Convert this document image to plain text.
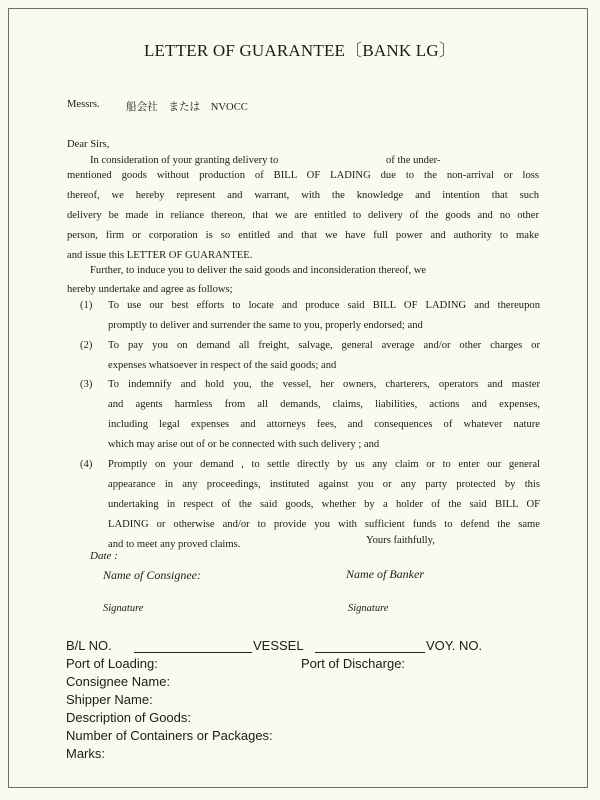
LETTER OF GUARANTEE〔BANK LG〕
Messrs. 船会社　または　NVOCC
Dear Sirs,
In consideration of your granting delivery to	of the under-
mentioned goods without production of BILL OF LADING due to the non-arrival or loss
thereof, we hereby represent and warrant, with the knowledge and intention that such
delivery be made in reliance thereon, that we are entitled to delivery of the goods and no other
person, firm or corporation is so entitled and that we have full power and authority to make
and issue this LETTER OF GUARANTEE.
Further, to induce you to deliver the said goods and inconsideration thereof, we
hereby undertake and agree as follows;
(1) To use our best efforts to locate and produce said BILL OF LADING and thereupon
promptly to deliver and surrender the same to you, properly endorsed; and
(2) To pay you on demand all freight, salvage, general average and/or other charges or
expenses whatsoever in respect of the said goods; and
(3) To indemnify and hold you, the vessel, her owners, charterers, operators and master
and agents harmless from all demands, claims, liabilities, actions and expenses,
including legal expenses and attorneys fees, and consequences of whatever nature
which may arise out of or be connected with such delivery ; and
(4) Promptly on your demand , to settle directly by us any claim or to enter our general
appearance in any proceedings, instituted against you or any party protected by this
undertaking in respect of the said goods, whether by a holder of the said BILL OF
LADING or otherwise and/or to provide you with sufficient funds to defend the same
and to meet any proved claims.	Yours faithfully,
Date :
Name of Consignee:	Name of Banker
Signature	Signature
B/L NO.	VESSEL	VOY. NO.
Port of Loading:	Port of Discharge:
Consignee Name:
Shipper Name:
Description of Goods:
Number of Containers or Packages:
Marks:
